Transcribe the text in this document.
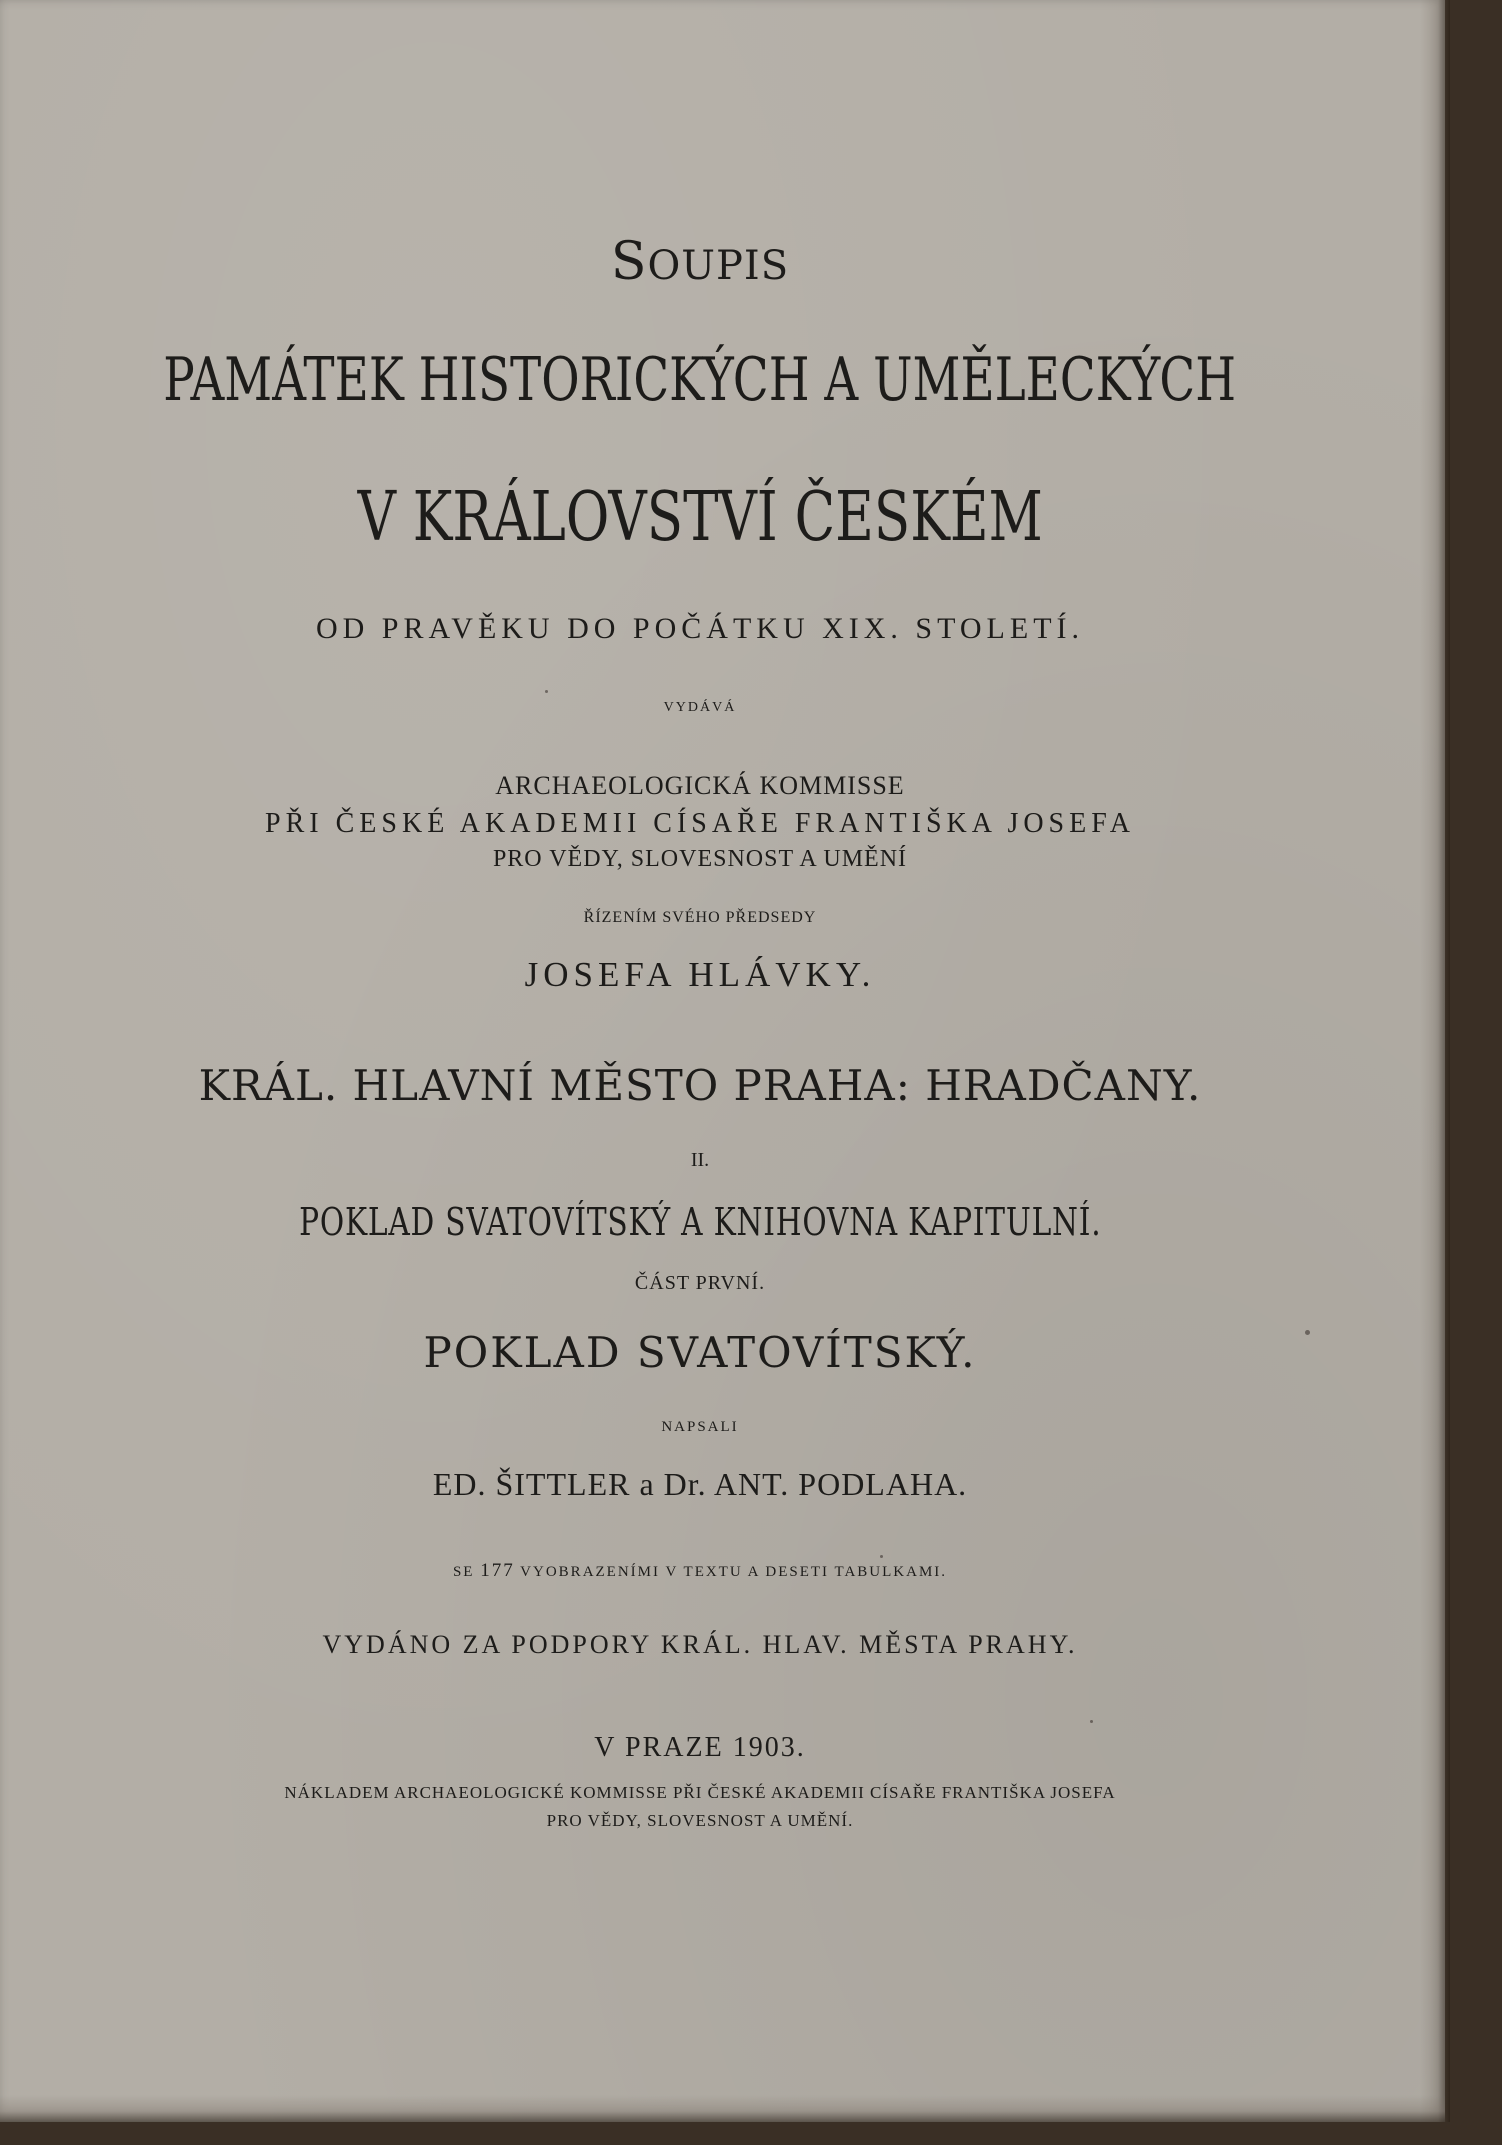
SOUPIS
PAMÁTEK HISTORICKÝCH A UMĚLECKÝCH
V KRÁLOVSTVÍ ČESKÉM
OD PRAVĚKU DO POČÁTKU XIX. STOLETÍ.
VYDÁVÁ
ARCHAEOLOGICKÁ KOMMISSE
PŘI ČESKÉ AKADEMII CÍSAŘE FRANTIŠKA JOSEFA
PRO VĚDY, SLOVESNOST A UMĚNÍ
ŘÍZENÍM SVÉHO PŘEDSEDY
JOSEFA HLÁVKY.
KRÁL. HLAVNÍ MĚSTO PRAHA: HRADČANY.
II.
POKLAD SVATOVÍTSKÝ A KNIHOVNA KAPITULNÍ.
ČÁST PRVNÍ.
POKLAD SVATOVÍTSKÝ.
NAPSALI
ED. ŠITTLER a Dr. ANT. PODLAHA.
SE 177 VYOBRAZENÍMI V TEXTU A DESETI TABULKAMI.
VYDÁNO ZA PODPORY KRÁL. HLAV. MĚSTA PRAHY.
V PRAZE 1903.
NÁKLADEM ARCHAEOLOGICKÉ KOMMISSE PŘI ČESKÉ AKADEMII CÍSAŘE FRANTIŠKA JOSEFA
PRO VĚDY, SLOVESNOST A UMĚNÍ.
